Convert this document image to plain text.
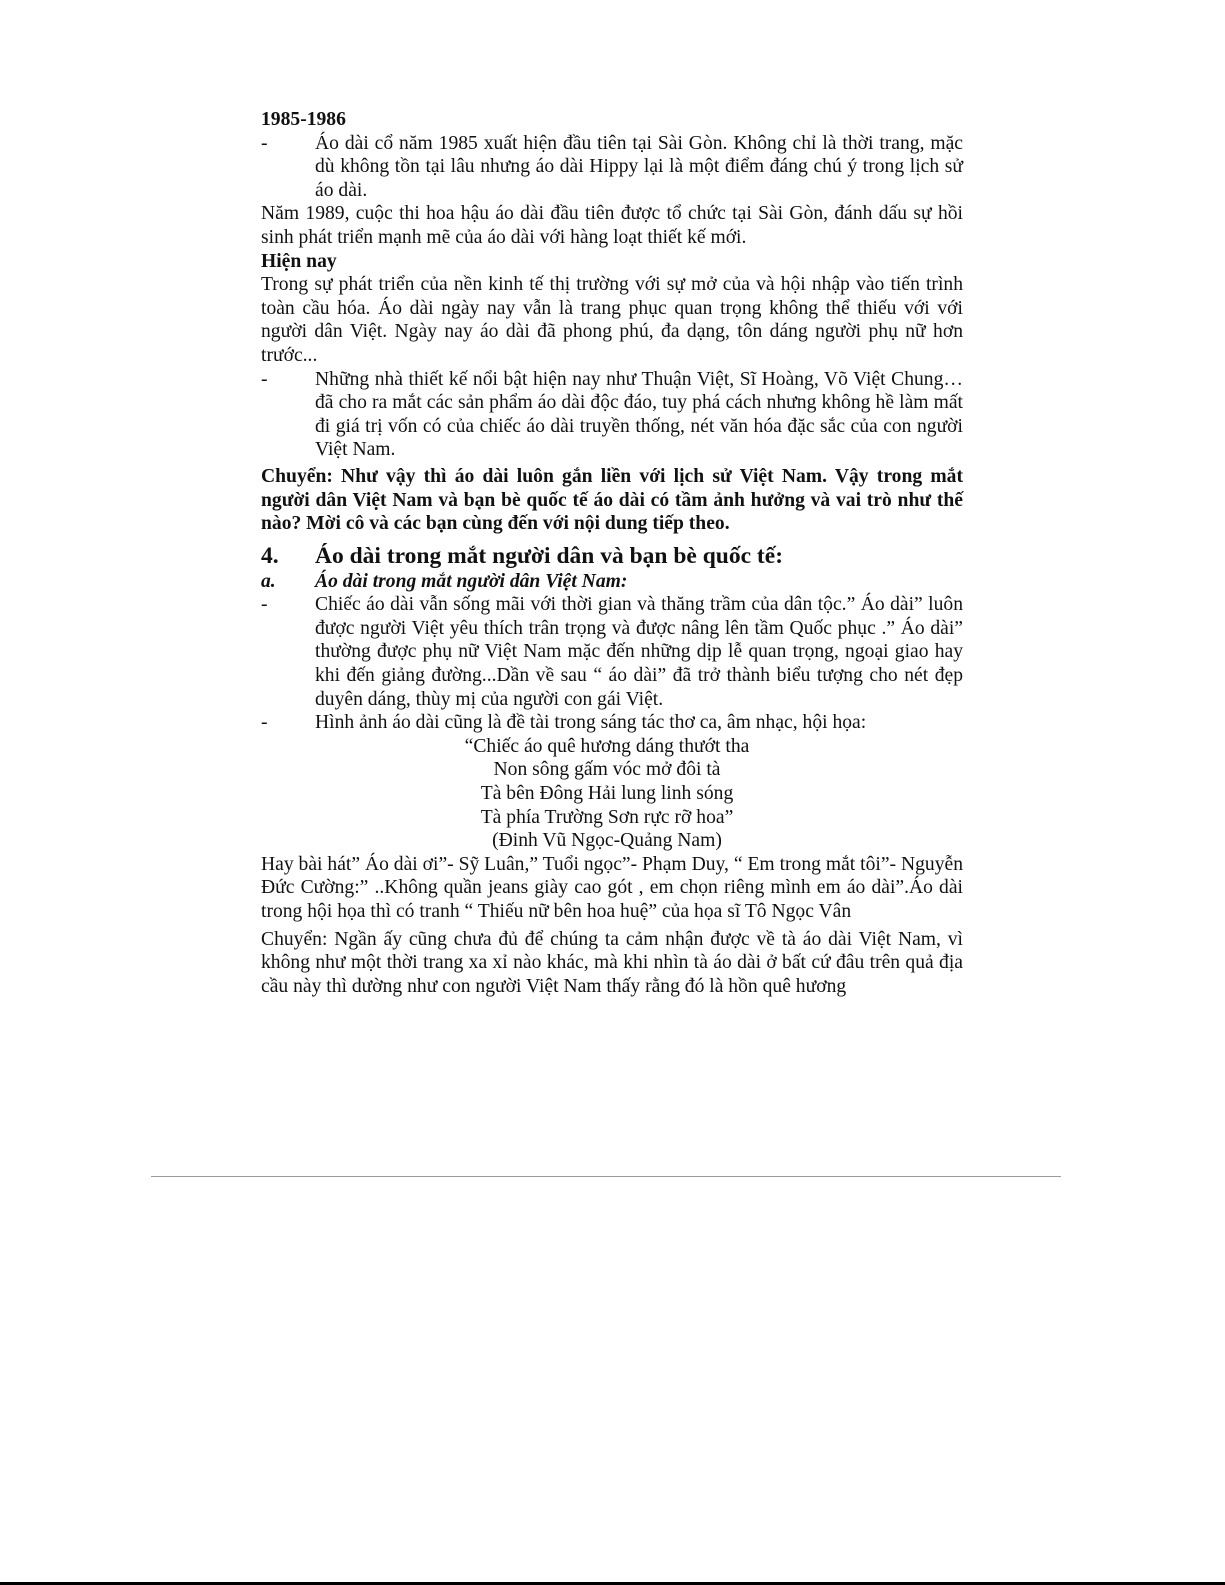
1985-1986

- Áo dài cổ năm 1985 xuất hiện đầu tiên tại Sài Gòn. Không chỉ là thời trang, mặc dù không tồn tại lâu nhưng áo dài Hippy lại là một điểm đáng chú ý trong lịch sử áo dài.

Năm 1989, cuộc thi hoa hậu áo dài đầu tiên được tổ chức tại Sài Gòn, đánh dấu sự hồi sinh phát triển mạnh mẽ của áo dài với hàng loạt thiết kế mới.

Hiện nay

Trong sự phát triển của nền kinh tế thị trường với sự mở của và hội nhập vào tiến trình toàn cầu hóa. Áo dài ngày nay vẫn là trang phục quan trọng không thể thiếu với với người dân Việt. Ngày nay áo dài đã phong phú, đa dạng, tôn dáng người phụ nữ hơn trước...

- Những nhà thiết kế nổi bật hiện nay như Thuận Việt, Sĩ Hoàng, Võ Việt Chung…đã cho ra mắt các sản phẩm áo dài độc đáo, tuy phá cách nhưng không hề làm mất đi giá trị vốn có của chiếc áo dài truyền thống, nét văn hóa đặc sắc của con người Việt Nam.

Chuyển: Như vậy thì áo dài luôn gắn liền với lịch sử Việt Nam. Vậy trong mắt người dân Việt Nam và bạn bè quốc tế áo dài có tầm ảnh hưởng và vai trò như thế nào? Mời cô và các bạn cùng đến với nội dung tiếp theo.

4.	Áo dài trong mắt người dân và bạn bè quốc tế:
a.	Áo dài trong mắt người dân Việt Nam:

- Chiếc áo dài vẫn sống mãi với thời gian và thăng trầm của dân tộc.” Áo dài” luôn được người Việt yêu thích trân trọng và được nâng lên tầm Quốc phục .” Áo dài” thường được phụ nữ Việt Nam mặc đến những dịp lễ quan trọng, ngoại giao hay khi đến giảng đường...Dần về sau “ áo dài” đã trở thành biểu tượng cho nét đẹp duyên dáng, thùy mị của người con gái Việt.

- Hình ảnh áo dài cũng là đề tài trong sáng tác thơ ca, âm nhạc, hội họa:

“Chiếc áo quê hương dáng thướt tha

Non sông gấm vóc mở đôi tà

Tà bên Đông Hải lung linh sóng

Tà phía Trường Sơn rực rỡ hoa”

(Đinh Vũ Ngọc-Quảng Nam)

Hay bài hát” Áo dài ơi”- Sỹ Luân,” Tuổi ngọc”- Phạm Duy, “ Em trong mắt tôi”- Nguyễn Đức Cường:” ..Không quần jeans giày cao gót , em chọn riêng mình em áo dài”.Áo dài trong hội họa thì có tranh “ Thiếu nữ bên hoa huệ” của họa sĩ Tô Ngọc Vân

Chuyển: Ngần ấy cũng chưa đủ để chúng ta cảm nhận được về tà áo dài Việt Nam, vì không như một thời trang xa xỉ nào khác, mà khi nhìn tà áo dài ở bất cứ đâu trên quả địa cầu này thì dường như con người Việt Nam thấy rằng đó là hồn quê hương
